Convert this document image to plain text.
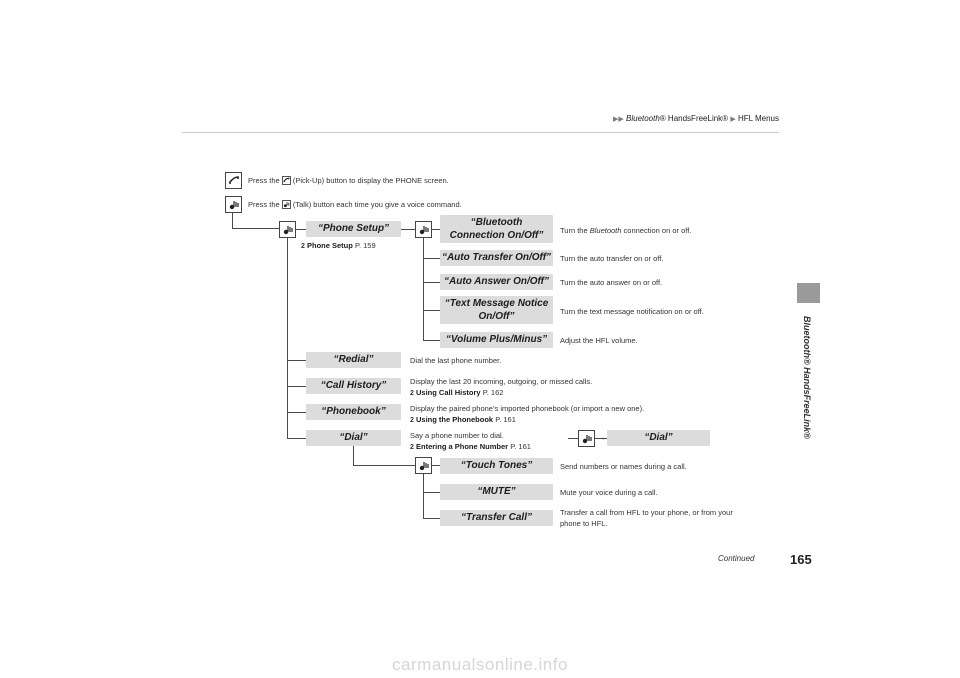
▶▶ Bluetooth® HandsFreeLink® ▶ HFL Menus
Bluetooth® HandsFreeLink®
Press the (Pick-Up) button to display the PHONE screen.
Press the (Talk) button each time you give a voice command.
→
“Phone Setup”
2 Phone Setup P. 159
“Redial”	Dial the last phone number.
“Call History”	Display the last 20 incoming, outgoing, or missed calls.
2 Using Call History P. 162
“Phonebook”	Display the paired phone’s imported phonebook (or import a new one).
2 Using the Phonebook P. 161
“Dial”	Say a phone number to dial.
2 Entering a Phone Number P. 161
“Dial”
“Bluetooth
Connection On/Off”	Turn the Bluetooth connection on or off.
“Auto Transfer On/Off” Turn the auto transfer on or off.
“Auto Answer On/Off”	Turn the auto answer on or off.
“Text Message Notice
On/Off”	Turn the text message notification on or off.
“Volume Plus/Minus”	Adjust the HFL volume.
“Touch Tones”	Send numbers or names during a call.
“MUTE”	Mute your voice during a call.
“Transfer Call”	Transfer a call from HFL to your phone, or from your
phone to HFL.
Continued	165
carmanualsonline.info
